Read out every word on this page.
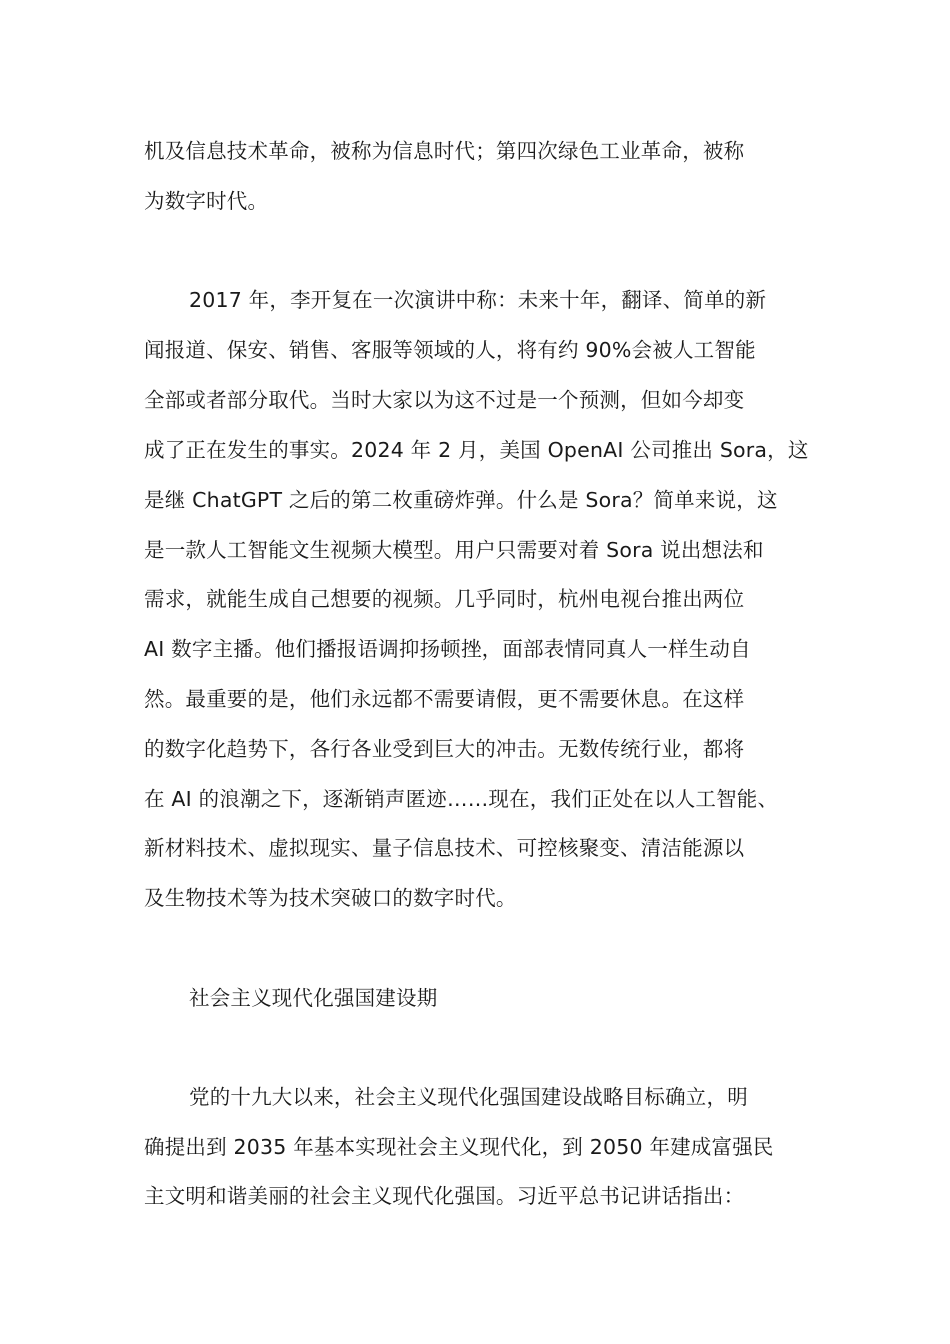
机及信息技术革命，被称为信息时代；第四次绿色工业革命，被称
为数字时代。
2017 年，李开复在一次演讲中称：未来十年，翻译、简单的新
闻报道、保安、销售、客服等领域的人，将有约 90%会被人工智能
全部或者部分取代。当时大家以为这不过是一个预测，但如今却变
成了正在发生的事实。2024 年 2 月，美国 OpenAI 公司推出 Sora，这
是继 ChatGPT 之后的第二枚重磅炸弹。什么是 Sora？简单来说，这
是一款人工智能文生视频大模型。用户只需要对着 Sora 说出想法和
需求，就能生成自己想要的视频。几乎同时，杭州电视台推出两位
AI 数字主播。他们播报语调抑扬顿挫，面部表情同真人一样生动自
然。最重要的是，他们永远都不需要请假，更不需要休息。在这样
的数字化趋势下，各行各业受到巨大的冲击。无数传统行业，都将
在 AI 的浪潮之下，逐渐销声匿迹……现在，我们正处在以人工智能、
新材料技术、虚拟现实、量子信息技术、可控核聚变、清洁能源以
及生物技术等为技术突破口的数字时代。
社会主义现代化强国建设期
党的十九大以来，社会主义现代化强国建设战略目标确立，明
确提出到 2035 年基本实现社会主义现代化，到 2050 年建成富强民
主文明和谐美丽的社会主义现代化强国。习近平总书记讲话指出：
